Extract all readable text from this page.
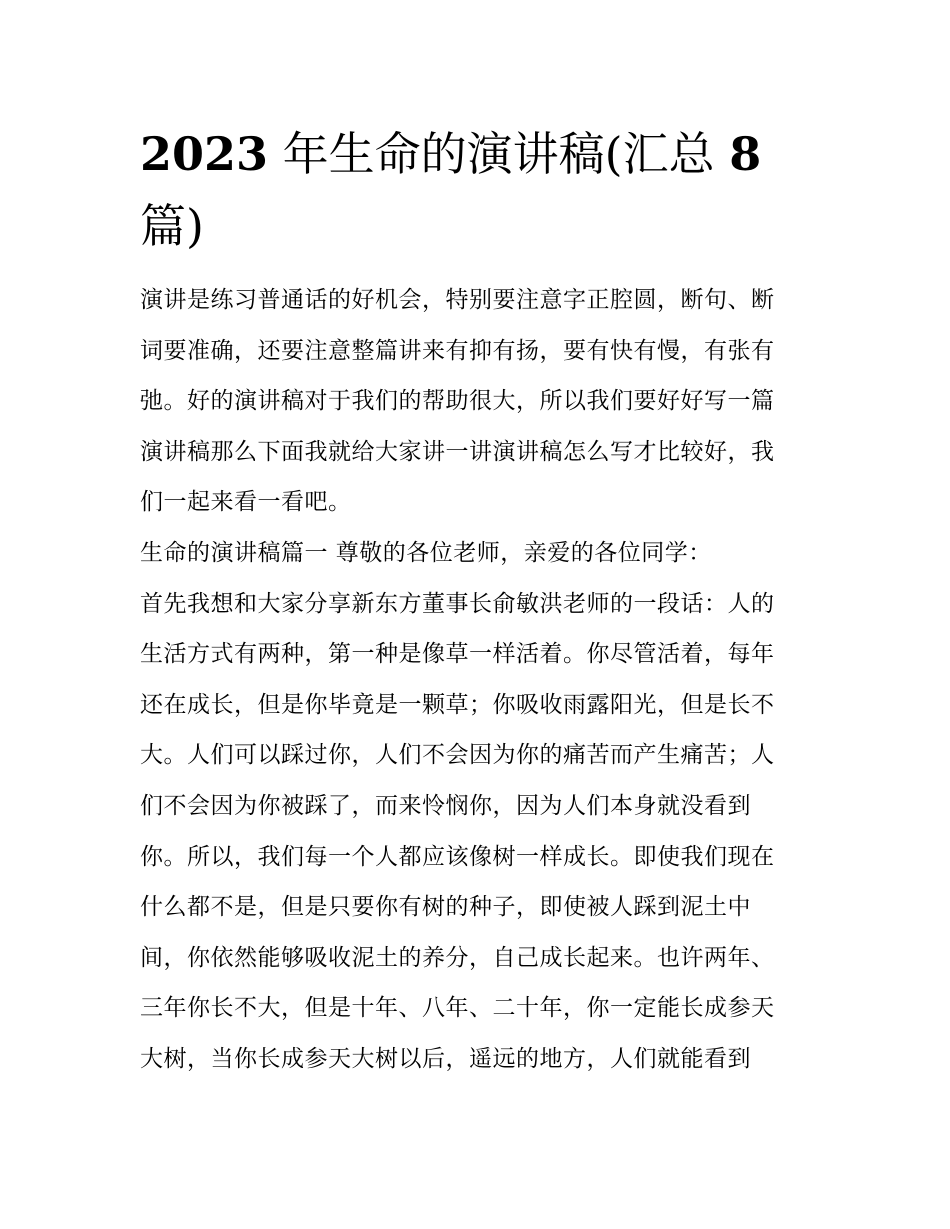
2023 年生命的演讲稿(汇总 8
篇)
演讲是练习普通话的好机会，特别要注意字正腔圆，断句、断
词要准确，还要注意整篇讲来有抑有扬，要有快有慢，有张有
弛。好的演讲稿对于我们的帮助很大，所以我们要好好写一篇
演讲稿那么下面我就给大家讲一讲演讲稿怎么写才比较好，我
们一起来看一看吧。
生命的演讲稿篇一 尊敬的各位老师，亲爱的各位同学：
首先我想和大家分享新东方董事长俞敏洪老师的一段话：人的
生活方式有两种，第一种是像草一样活着。你尽管活着，每年
还在成长，但是你毕竟是一颗草；你吸收雨露阳光，但是长不
大。人们可以踩过你，人们不会因为你的痛苦而产生痛苦；人
们不会因为你被踩了，而来怜悯你，因为人们本身就没看到
你。所以，我们每一个人都应该像树一样成长。即使我们现在
什么都不是，但是只要你有树的种子，即使被人踩到泥土中
间，你依然能够吸收泥土的养分，自己成长起来。也许两年、
三年你长不大，但是十年、八年、二十年，你一定能长成参天
大树，当你长成参天大树以后，遥远的地方，人们就能看到
